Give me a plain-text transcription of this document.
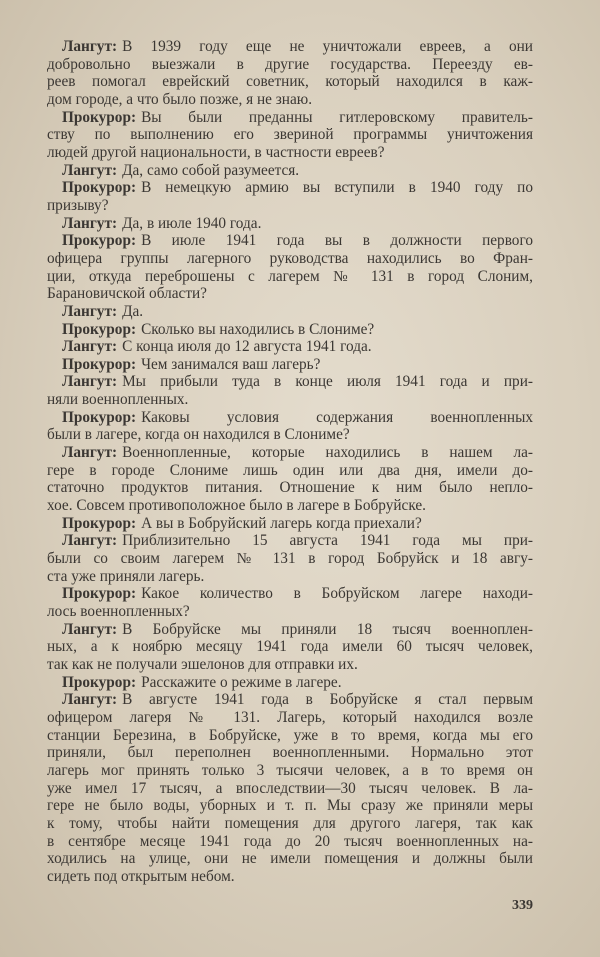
Лангут: В 1939 году еще не уничтожали евреев, а они
добровольно выезжали в другие государства. Переезду ев-
реев помогал еврейский советник, который находился в каж-
дом городе, а что было позже, я не знаю.
Прокурор: Вы были преданны гитлеровскому правитель-
ству по выполнению его звериной программы уничтожения
людей другой национальности, в частности евреев?
Лангут: Да, само собой разумеется.
Прокурор: В немецкую армию вы вступили в 1940 году по
призыву?
Лангут: Да, в июле 1940 года.
Прокурор: В июле 1941 года вы в должности первого
офицера группы лагерного руководства находились во Фран-
ции, откуда переброшены с лагерем № 131 в город Слоним,
Барановичской области?
Лангут: Да.
Прокурор: Сколько вы находились в Слониме?
Лангут: С конца июля до 12 августа 1941 года.
Прокурор: Чем занимался ваш лагерь?
Лангут: Мы прибыли туда в конце июля 1941 года и при-
няли военнопленных.
Прокурор: Каковы условия содержания военнопленных
были в лагере, когда он находился в Слониме?
Лангут: Военнопленные, которые находились в нашем ла-
гере в городе Слониме лишь один или два дня, имели до-
статочно продуктов питания. Отношение к ним было непло-
хое. Совсем противоположное было в лагере в Бобруйске.
Прокурор: А вы в Бобруйский лагерь когда приехали?
Лангут: Приблизительно 15 августа 1941 года мы при-
были со своим лагерем № 131 в город Бобруйск и 18 авгу-
ста уже приняли лагерь.
Прокурор: Какое количество в Бобруйском лагере находи-
лось военнопленных?
Лангут: В Бобруйске мы приняли 18 тысяч военноплен-
ных, а к ноябрю месяцу 1941 года имели 60 тысяч человек,
так как не получали эшелонов для отправки их.
Прокурор: Расскажите о режиме в лагере.
Лангут: В августе 1941 года в Бобруйске я стал первым
офицером лагеря № 131. Лагерь, который находился возле
станции Березина, в Бобруйске, уже в то время, когда мы его
приняли, был переполнен военнопленными. Нормально этот
лагерь мог принять только 3 тысячи человек, а в то время он
уже имел 17 тысяч, а впоследствии—30 тысяч человек. В ла-
гере не было воды, уборных и т. п. Мы сразу же приняли меры
к тому, чтобы найти помещения для другого лагеря, так как
в сентябре месяце 1941 года до 20 тысяч военнопленных на-
ходились на улице, они не имели помещения и должны были
сидеть под открытым небом.
339
